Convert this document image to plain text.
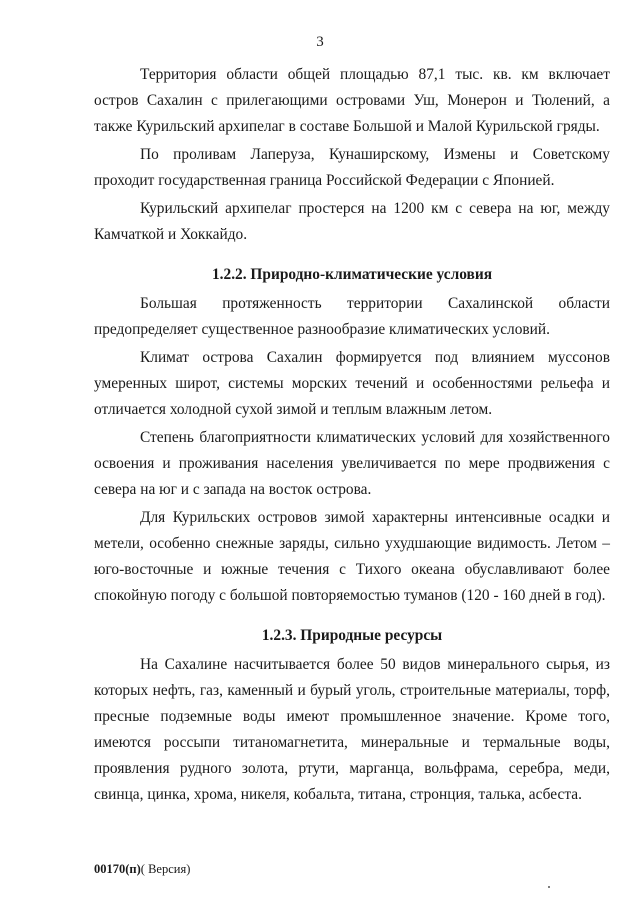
3

Территория области общей площадью 87,1 тыс. кв. км включает остров Сахалин с прилегающими островами Уш, Монерон и Тюлений, а также Курильский архипелаг в составе Большой и Малой Курильской гряды.

По проливам Лаперуза, Кунаширскому, Измены и Советскому проходит государственная граница Российской Федерации с Японией.

Курильский архипелаг простерся на 1200 км с севера на юг, между Камчаткой и Хоккайдо.

1.2.2. Природно-климатические условия

Большая протяженность территории Сахалинской области предопределяет существенное разнообразие климатических условий.

Климат острова Сахалин формируется под влиянием муссонов умеренных широт, системы морских течений и особенностями рельефа и отличается холодной сухой зимой и теплым влажным летом.

Степень благоприятности климатических условий для хозяйственного освоения и проживания населения увеличивается по мере продвижения с севера на юг и с запада на восток острова.

Для Курильских островов зимой характерны интенсивные осадки и метели, особенно снежные заряды, сильно ухудшающие видимость. Летом – юго-восточные и южные течения с Тихого океана обуславливают более спокойную погоду с большой повторяемостью туманов (120 - 160 дней в год).

1.2.3. Природные ресурсы

На Сахалине насчитывается более 50 видов минерального сырья, из которых нефть, газ, каменный и бурый уголь, строительные материалы, торф, пресные подземные воды имеют промышленное значение. Кроме того, имеются россыпи титаномагнетита, минеральные и термальные воды, проявления рудного золота, ртути, марганца, вольфрама, серебра, меди, свинца, цинка, хрома, никеля, кобальта, титана, стронция, талька, асбеста.

00170(п)( Версия)
